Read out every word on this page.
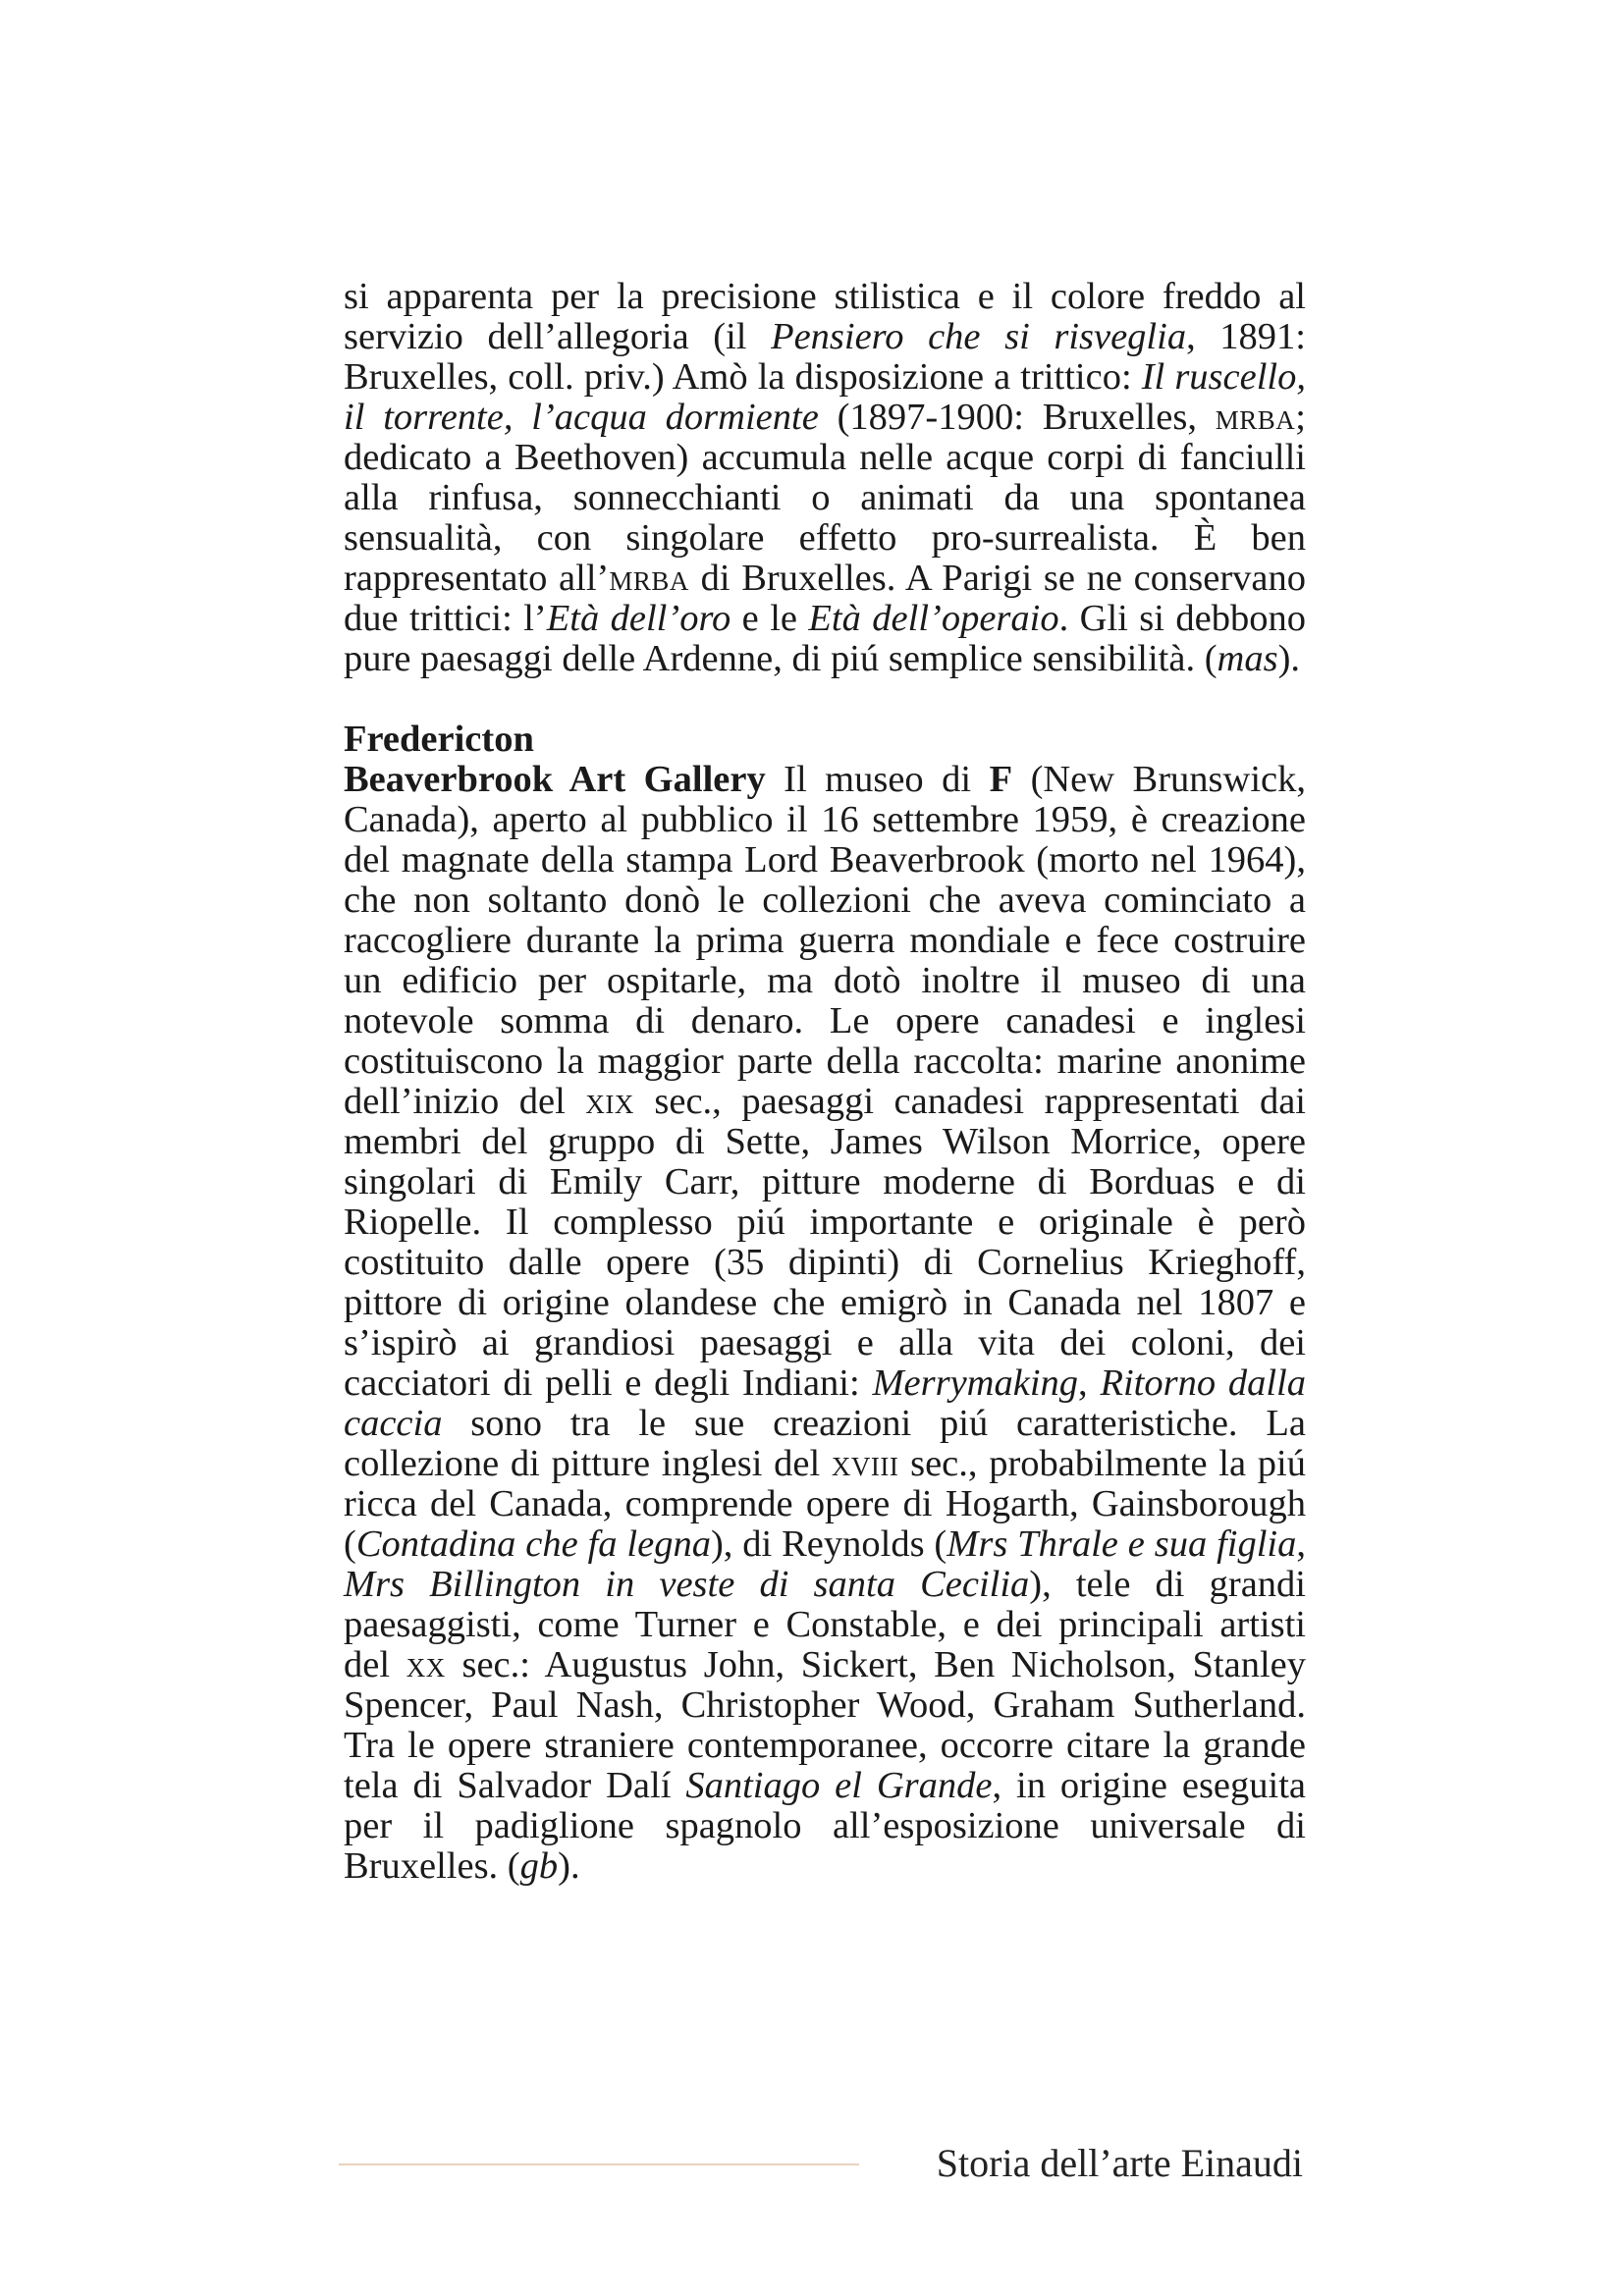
si apparenta per la precisione stilistica e il colore freddo al servizio dell’allegoria (il Pensiero che si risveglia, 1891: Bruxelles, coll. priv.) Amò la disposizione a trittico: Il ruscello, il torrente, l’acqua dormiente (1897-1900: Bruxelles, mrba; dedicato a Beethoven) accumula nelle acque corpi di fanciulli alla rinfusa, sonnecchianti o animati da una spontanea sensualità, con singolare effetto pro-surrealista. È ben rappresentato all’mrba di Bruxelles. A Parigi se ne conservano due trittici: l’Età dell’oro e le Età dell’operaio. Gli si debbono pure paesaggi delle Ardenne, di piú semplice sensibilità. (mas).

Fredericton

Beaverbrook Art Gallery Il museo di F (New Brunswick, Canada), aperto al pubblico il 16 settembre 1959, è creazione del magnate della stampa Lord Beaverbrook (morto nel 1964), che non soltanto donò le collezioni che aveva cominciato a raccogliere durante la prima guerra mondiale e fece costruire un edificio per ospitarle, ma dotò inoltre il museo di una notevole somma di denaro. Le opere canadesi e inglesi costituiscono la maggior parte della raccolta: marine anonime dell’inizio del xix sec., paesaggi canadesi rappresentati dai membri del gruppo di Sette, James Wilson Morrice, opere singolari di Emily Carr, pitture moderne di Borduas e di Riopelle. Il complesso piú importante e originale è però costituito dalle opere (35 dipinti) di Cornelius Krieghoff, pittore di origine olandese che emigrò in Canada nel 1807 e s’ispirò ai grandiosi paesaggi e alla vita dei coloni, dei cacciatori di pelli e degli Indiani: Merrymaking, Ritorno dalla caccia sono tra le sue creazioni piú caratteristiche. La collezione di pitture inglesi del xviii sec., probabilmente la piú ricca del Canada, comprende opere di Hogarth, Gainsborough (Contadina che fa legna), di Reynolds (Mrs Thrale e sua figlia, Mrs Billington in veste di santa Cecilia), tele di grandi paesaggisti, come Turner e Constable, e dei principali artisti del xx sec.: Augustus John, Sickert, Ben Nicholson, Stanley Spencer, Paul Nash, Christopher Wood, Graham Sutherland. Tra le opere straniere contemporanee, occorre citare la grande tela di Salvador Dalí Santiago el Grande, in origine eseguita per il padiglione spagnolo all’esposizione universale di Bruxelles. (gb).

Storia dell’arte Einaudi
